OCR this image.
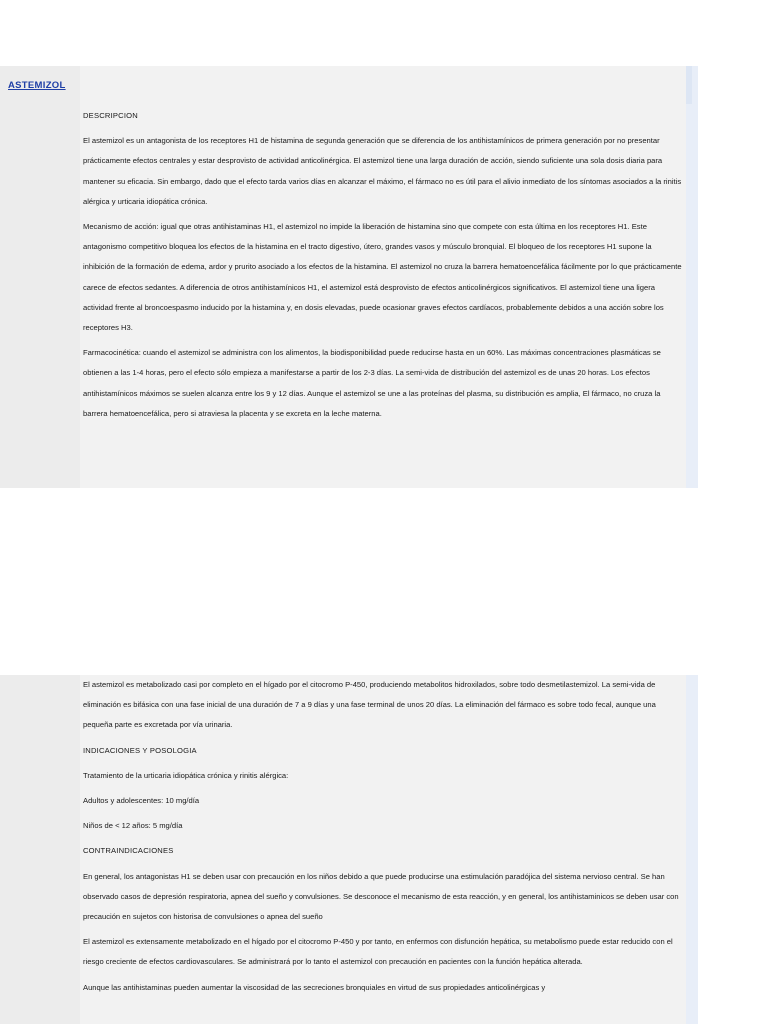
ASTEMIZOL

DESCRIPCION

El astemizol es un antagonista de los receptores H1 de histamina de segunda generación que se diferencia de los antihistamínicos de primera generación por no presentar prácticamente efectos centrales y estar desprovisto de actividad anticolinérgica. El astemizol tiene una larga duración de acción, siendo suficiente una sola dosis diaria para mantener su eficacia. Sin embargo, dado que el efecto tarda varios días en alcanzar el máximo, el fármaco no es útil para el alivio inmediato de los síntomas asociados a la rinitis alérgica y urticaria idiopática crónica.

Mecanismo de acción: igual que otras antihistaminas H1, el astemizol no impide la liberación de histamina sino que compete con esta última en los receptores H1. Este antagonismo competitivo bloquea los efectos de la histamina en el tracto digestivo, útero, grandes vasos y músculo bronquial. El bloqueo de los receptores H1 supone la inhibición de la formación de edema, ardor y prurito asociado a los efectos de la histamina. El astemizol no cruza la barrera hematoencefálica fácilmente por lo que prácticamente carece de efectos sedantes. A diferencia de otros antihistamínicos H1, el astemizol está desprovisto de efectos anticolinérgicos significativos. El astemizol tiene una ligera actividad frente al broncoespasmo inducido por la histamina y, en dosis elevadas, puede ocasionar graves efectos cardíacos, probablemente debidos a una acción sobre los receptores H3.

Farmacocinética: cuando el astemizol se administra con los alimentos, la biodisponibilidad puede reducirse hasta en un 60%. Las máximas concentraciones plasmáticas se obtienen a las 1-4 horas, pero el efecto sólo empieza a manifestarse a partir de los 2-3 días. La semi-vida de distribución del astemizol es de unas 20 horas. Los efectos antihistamínicos máximos se suelen alcanza entre los 9 y 12 días. Aunque el astemizol se une a las proteínas del plasma, su distribución es amplia, El fármaco, no cruza la barrera hematoencefálica, pero si atraviesa la placenta y se excreta en la leche materna.

El astemizol es metabolizado casi por completo en el hígado por el citocromo P-450, produciendo metabolitos hidroxilados, sobre todo desmetilastemizol. La semi-vida de eliminación es bifásica con una fase inicial de una duración de 7 a 9 días y una fase terminal de unos 20 días. La eliminación del fármaco es sobre todo fecal, aunque una pequeña parte es excretada por vía urinaria.

INDICACIONES Y POSOLOGIA

Tratamiento de la urticaria idiopática crónica y rinitis alérgica:

Adultos y adolescentes: 10 mg/día

Niños de < 12 años: 5 mg/día

CONTRAINDICACIONES

En general, los antagonistas H1 se deben usar con precaución en los niños debido a que puede producirse una estimulación paradójica del sistema nervioso central. Se han observado casos de depresión respiratoria, apnea del sueño y convulsiones. Se desconoce el mecanismo de esta reacción, y en general, los antihistaminicos se deben usar con precaución en sujetos con historisa de convulsiones o apnea del sueño

El astemizol es extensamente metabolizado en el hígado por el citocromo P-450 y por tanto, en enfermos con disfunción hepática, su metabolismo puede estar reducido con el riesgo creciente de efectos cardiovasculares. Se administrará por lo tanto el astemizol con precaución en pacientes con la función hepática alterada.

Aunque las antihistaminas pueden aumentar la viscosidad de las secreciones bronquiales en virtud de sus propiedades anticolinérgicas y
